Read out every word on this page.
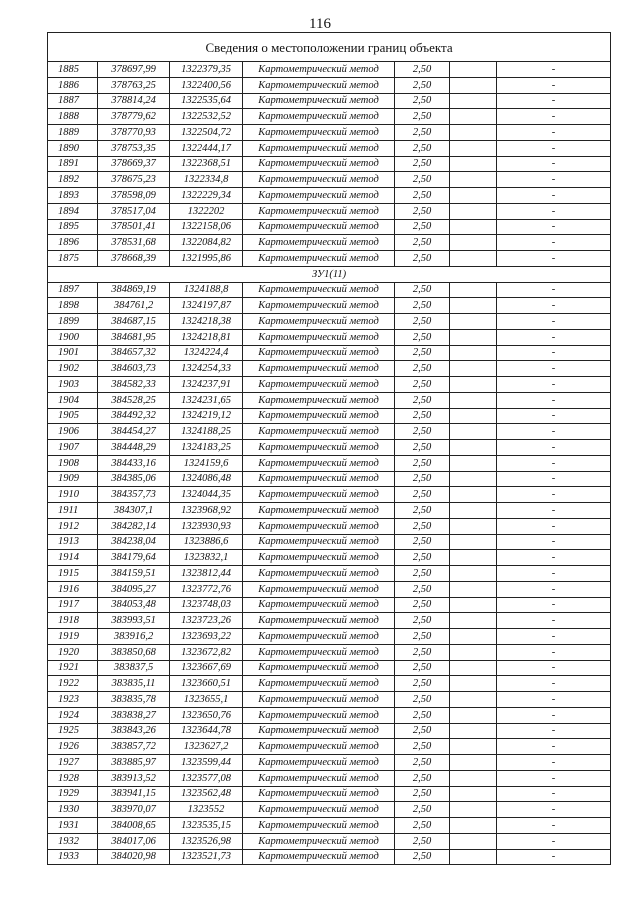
116
Сведения о местоположении границ объекта						
1885	378697,99	1322379,35	Картометрический метод	2,50		-
1886	378763,25	1322400,56	Картометрический метод	2,50		-
1887	378814,24	1322535,64	Картометрический метод	2,50		-
1888	378779,62	1322532,52	Картометрический метод	2,50		-
1889	378770,93	1322504,72	Картометрический метод	2,50		-
1890	378753,35	1322444,17	Картометрический метод	2,50		-
1891	378669,37	1322368,51	Картометрический метод	2,50		-
1892	378675,23	1322334,8	Картометрический метод	2,50		-
1893	378598,09	1322229,34	Картометрический метод	2,50		-
1894	378517,04	1322202	Картометрический метод	2,50		-
1895	378501,41	1322158,06	Картометрический метод	2,50		-
1896	378531,68	1322084,82	Картометрический метод	2,50		-
1875	378668,39	1321995,86	Картометрический метод	2,50		-
ЗУ1(11)						
1897	384869,19	1324188,8	Картометрический метод	2,50		-
1898	384761,2	1324197,87	Картометрический метод	2,50		-
1899	384687,15	1324218,38	Картометрический метод	2,50		-
1900	384681,95	1324218,81	Картометрический метод	2,50		-
1901	384657,32	1324224,4	Картометрический метод	2,50		-
1902	384603,73	1324254,33	Картометрический метод	2,50		-
1903	384582,33	1324237,91	Картометрический метод	2,50		-
1904	384528,25	1324231,65	Картометрический метод	2,50		-
1905	384492,32	1324219,12	Картометрический метод	2,50		-
1906	384454,27	1324188,25	Картометрический метод	2,50		-
1907	384448,29	1324183,25	Картометрический метод	2,50		-
1908	384433,16	1324159,6	Картометрический метод	2,50		-
1909	384385,06	1324086,48	Картометрический метод	2,50		-
1910	384357,73	1324044,35	Картометрический метод	2,50		-
1911	384307,1	1323968,92	Картометрический метод	2,50		-
1912	384282,14	1323930,93	Картометрический метод	2,50		-
1913	384238,04	1323886,6	Картометрический метод	2,50		-
1914	384179,64	1323832,1	Картометрический метод	2,50		-
1915	384159,51	1323812,44	Картометрический метод	2,50		-
1916	384095,27	1323772,76	Картометрический метод	2,50		-
1917	384053,48	1323748,03	Картометрический метод	2,50		-
1918	383993,51	1323723,26	Картометрический метод	2,50		-
1919	383916,2	1323693,22	Картометрический метод	2,50		-
1920	383850,68	1323672,82	Картометрический метод	2,50		-
1921	383837,5	1323667,69	Картометрический метод	2,50		-
1922	383835,11	1323660,51	Картометрический метод	2,50		-
1923	383835,78	1323655,1	Картометрический метод	2,50		-
1924	383838,27	1323650,76	Картометрический метод	2,50		-
1925	383843,26	1323644,78	Картометрический метод	2,50		-
1926	383857,72	1323627,2	Картометрический метод	2,50		-
1927	383885,97	1323599,44	Картометрический метод	2,50		-
1928	383913,52	1323577,08	Картометрический метод	2,50		-
1929	383941,15	1323562,48	Картометрический метод	2,50		-
1930	383970,07	1323552	Картометрический метод	2,50		-
1931	384008,65	1323535,15	Картометрический метод	2,50		-
1932	384017,06	1323526,98	Картометрический метод	2,50		-
1933	384020,98	1323521,73	Картометрический метод	2,50		-
